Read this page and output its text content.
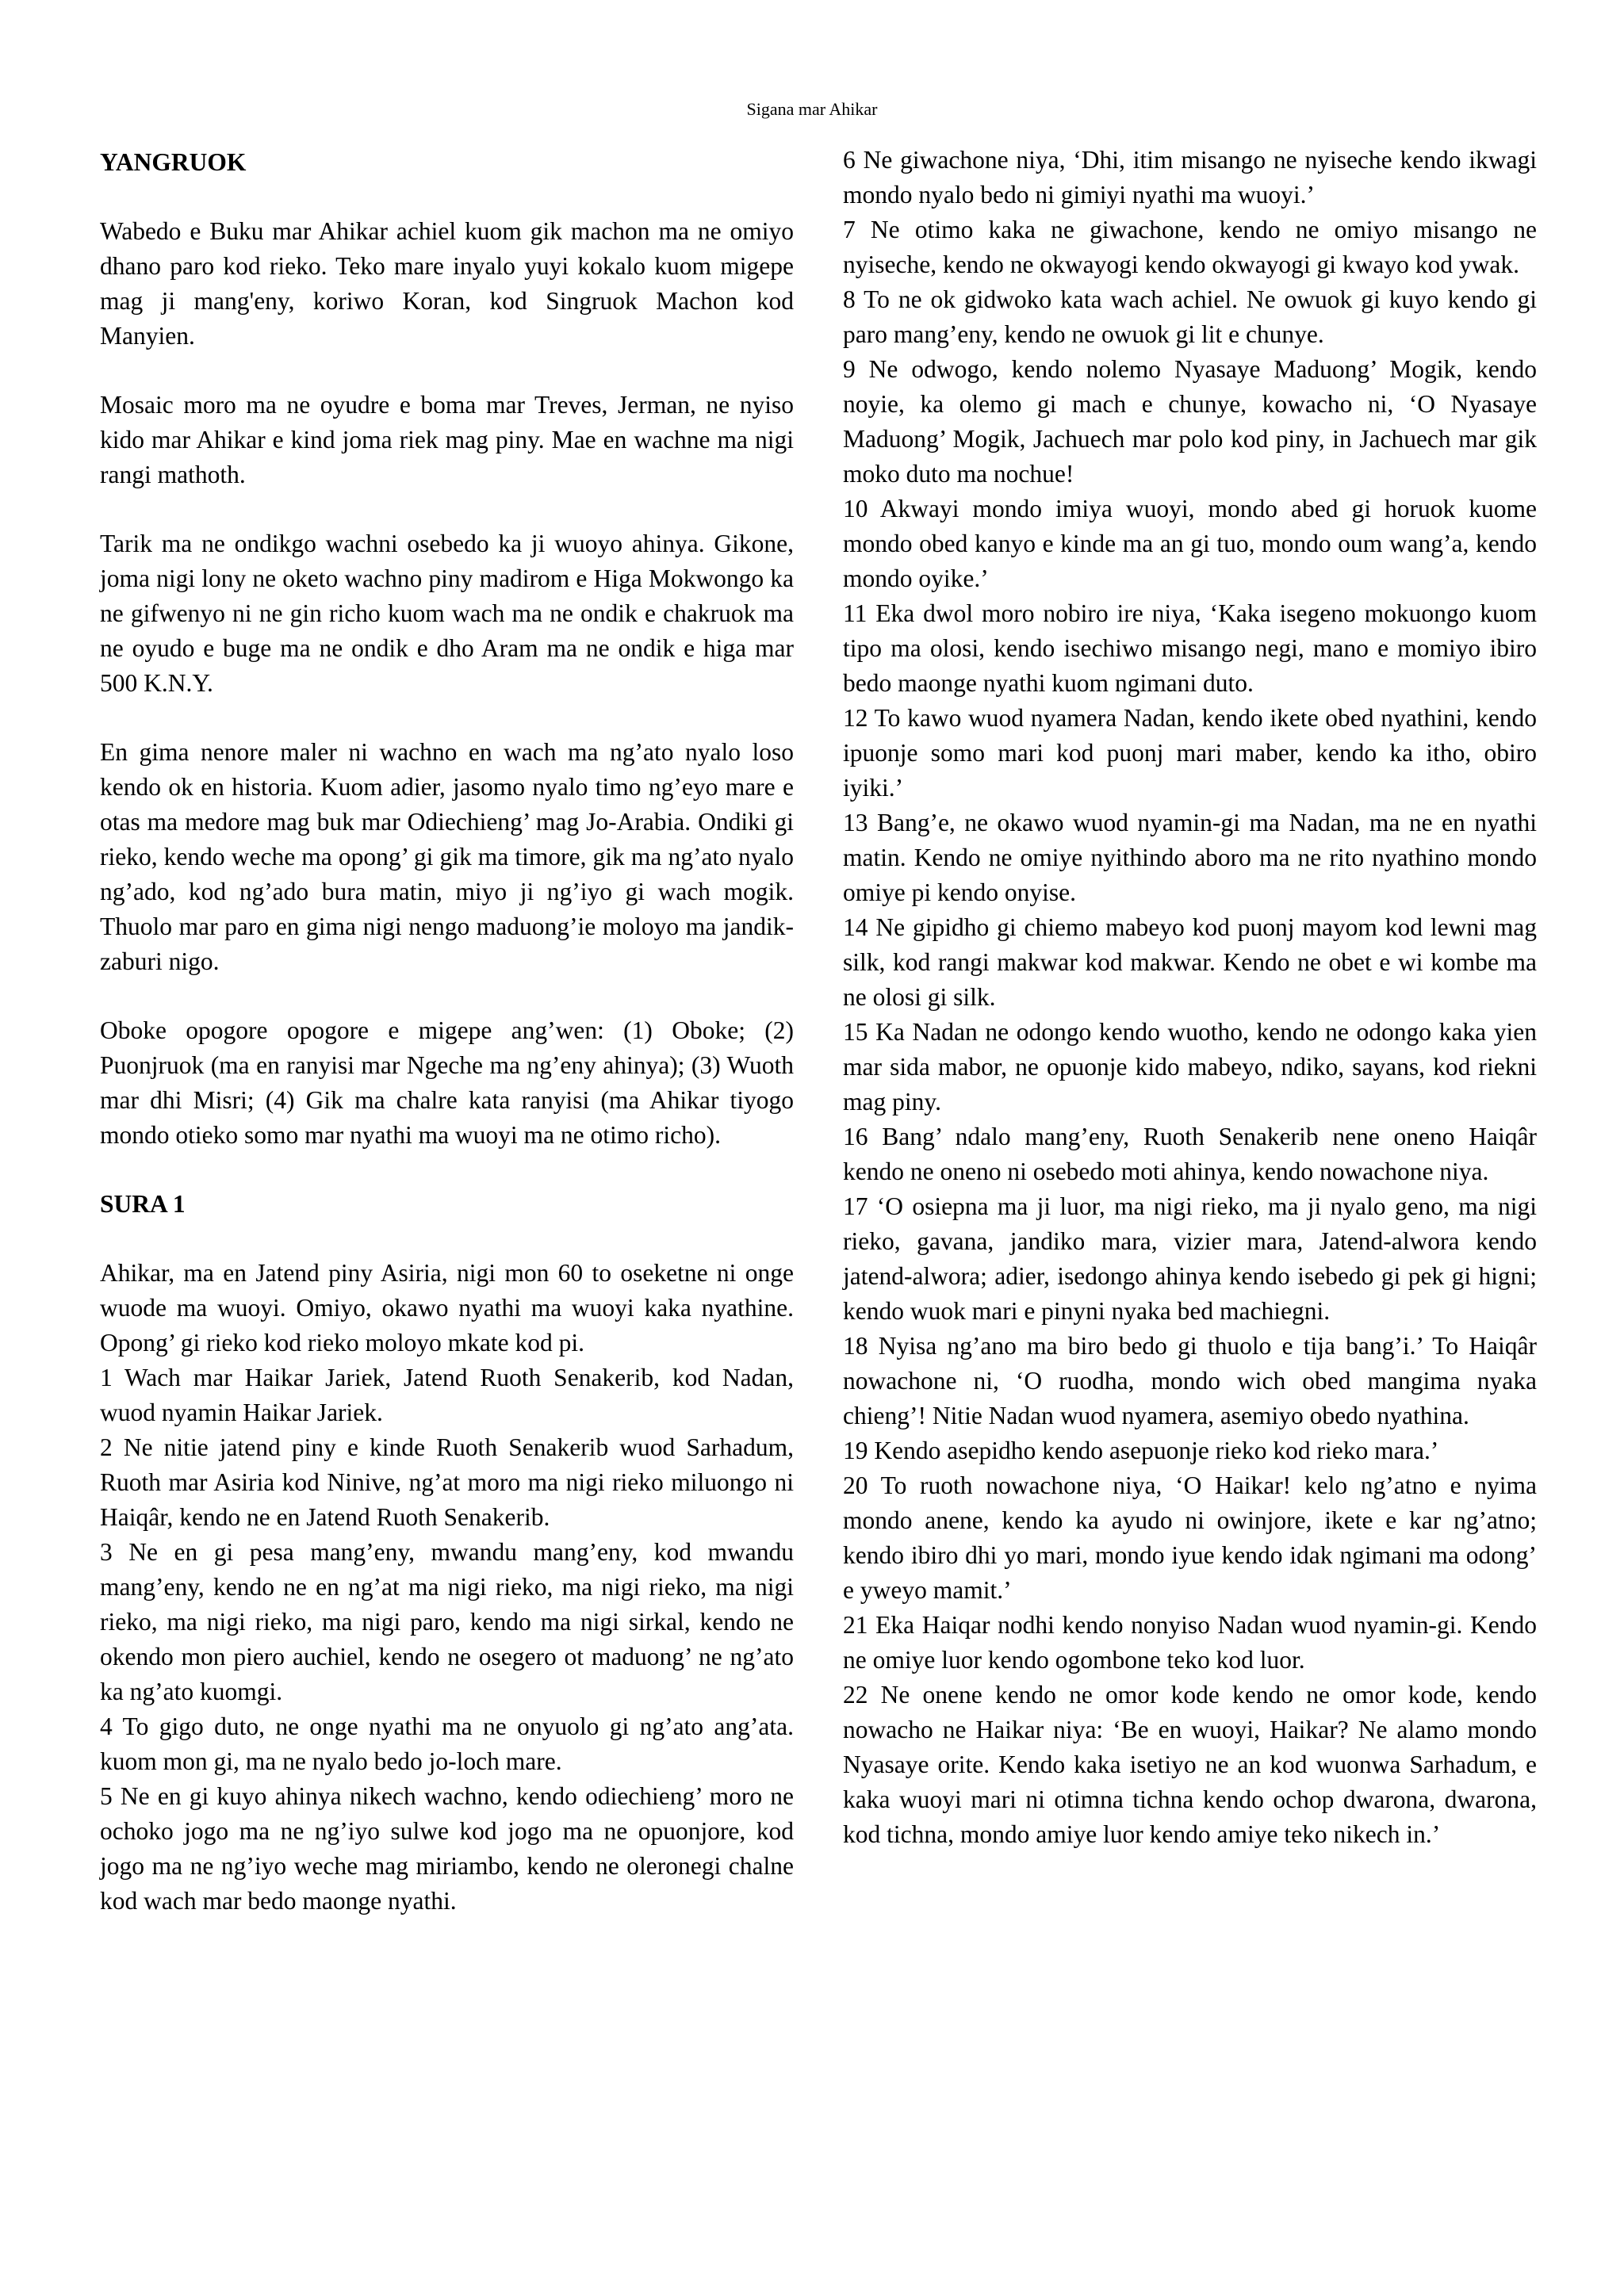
Sigana mar Ahikar
YANGRUOK

Wabedo e Buku mar Ahikar achiel kuom gik machon ma ne omiyo dhano paro kod rieko. Teko mare inyalo yuyi kokalo kuom migepe mag ji mang'eny, koriwo Koran, kod Singruok Machon kod Manyien.

Mosaic moro ma ne oyudre e boma mar Treves, Jerman, ne nyiso kido mar Ahikar e kind joma riek mag piny. Mae en wachne ma nigi rangi mathoth.

Tarik ma ne ondikgo wachni osebedo ka ji wuoyo ahinya. Gikone, joma nigi lony ne oketo wachno piny madirom e Higa Mokwongo ka ne gifwenyo ni ne gin richo kuom wach ma ne ondik e chakruok ma ne oyudo e buge ma ne ondik e dho Aram ma ne ondik e higa mar 500 K.N.Y.

En gima nenore maler ni wachno en wach ma ng’ato nyalo loso kendo ok en historia. Kuom adier, jasomo nyalo timo ng’eyo mare e otas ma medore mag buk mar Odiechieng’ mag Jo-Arabia. Ondiki gi rieko, kendo weche ma opong’ gi gik ma timore, gik ma ng’ato nyalo ng’ado, kod ng’ado bura matin, miyo ji ng’iyo gi wach mogik. Thuolo mar paro en gima nigi nengo maduong’ie moloyo ma jandik-zaburi nigo.

Oboke opogore opogore e migepe ang’wen: (1) Oboke; (2) Puonjruok (ma en ranyisi mar Ngeche ma ng’eny ahinya); (3) Wuoth mar dhi Misri; (4) Gik ma chalre kata ranyisi (ma Ahikar tiyogo mondo otieko somo mar nyathi ma wuoyi ma ne otimo richo).

SURA 1

Ahikar, ma en Jatend piny Asiria, nigi mon 60 to oseketne ni onge wuode ma wuoyi. Omiyo, okawo nyathi ma wuoyi kaka nyathine. Opong’ gi rieko kod rieko moloyo mkate kod pi.

1 Wach mar Haikar Jariek, Jatend Ruoth Senakerib, kod Nadan, wuod nyamin Haikar Jariek.

2 Ne nitie jatend piny e kinde Ruoth Senakerib wuod Sarhadum, Ruoth mar Asiria kod Ninive, ng’at moro ma nigi rieko miluongo ni Haiqâr, kendo ne en Jatend Ruoth Senakerib.

3 Ne en gi pesa mang’eny, mwandu mang’eny, kod mwandu mang’eny, kendo ne en ng’at ma nigi rieko, ma nigi rieko, ma nigi rieko, ma nigi rieko, ma nigi paro, kendo ma nigi sirkal, kendo ne okendo mon piero auchiel, kendo ne osegero ot maduong’ ne ng’ato ka ng’ato kuomgi.

4 To gigo duto, ne onge nyathi ma ne onyuolo gi ng’ato ang’ata. kuom mon gi, ma ne nyalo bedo jo-loch mare.

5 Ne en gi kuyo ahinya nikech wachno, kendo odiechieng’ moro ne ochoko jogo ma ne ng’iyo sulwe kod jogo ma ne opuonjore, kod jogo ma ne ng’iyo weche mag miriambo, kendo ne oleronegi chalne kod wach mar bedo maonge nyathi.

6 Ne giwachone niya, ‘Dhi, itim misango ne nyiseche kendo ikwagi mondo nyalo bedo ni gimiyi nyathi ma wuoyi.’

7 Ne otimo kaka ne giwachone, kendo ne omiyo misango ne nyiseche, kendo ne okwayogi kendo okwayogi gi kwayo kod ywak.

8 To ne ok gidwoko kata wach achiel. Ne owuok gi kuyo kendo gi paro mang’eny, kendo ne owuok gi lit e chunye.

9 Ne odwogo, kendo nolemo Nyasaye Maduong’ Mogik, kendo noyie, ka olemo gi mach e chunye, kowacho ni, ‘O Nyasaye Maduong’ Mogik, Jachuech mar polo kod piny, in Jachuech mar gik moko duto ma nochue!

10 Akwayi mondo imiya wuoyi, mondo abed gi horuok kuome mondo obed kanyo e kinde ma an gi tuo, mondo oum wang’a, kendo mondo oyike.’

11 Eka dwol moro nobiro ire niya, ‘Kaka isegeno mokuongo kuom tipo ma olosi, kendo isechiwo misango negi, mano e momiyo ibiro bedo maonge nyathi kuom ngimani duto.

12 To kawo wuod nyamera Nadan, kendo ikete obed nyathini, kendo ipuonje somo mari kod puonj mari maber, kendo ka itho, obiro iyiki.’

13 Bang’e, ne okawo wuod nyamin-gi ma Nadan, ma ne en nyathi matin. Kendo ne omiye nyithindo aboro ma ne rito nyathino mondo omiye pi kendo onyise.

14 Ne gipidho gi chiemo mabeyo kod puonj mayom kod lewni mag silk, kod rangi makwar kod makwar. Kendo ne obet e wi kombe ma ne olosi gi silk.

15 Ka Nadan ne odongo kendo wuotho, kendo ne odongo kaka yien mar sida mabor, ne opuonje kido mabeyo, ndiko, sayans, kod riekni mag piny.

16 Bang’ ndalo mang’eny, Ruoth Senakerib nene oneno Haiqâr kendo ne oneno ni osebedo moti ahinya, kendo nowachone niya.

17 ‘O osiepna ma ji luor, ma nigi rieko, ma ji nyalo geno, ma nigi rieko, gavana, jandiko mara, vizier mara, Jatend-alwora kendo jatend-alwora; adier, isedongo ahinya kendo isebedo gi pek gi higni; kendo wuok mari e pinyni nyaka bed machiegni.

18 Nyisa ng’ano ma biro bedo gi thuolo e tija bang’i.’ To Haiqâr nowachone ni, ‘O ruodha, mondo wich obed mangima nyaka chieng’! Nitie Nadan wuod nyamera, asemiyo obedo nyathina.

19 Kendo asepidho kendo asepuonje rieko kod rieko mara.’

20 To ruoth nowachone niya, ‘O Haikar! kelo ng’atno e nyima mondo anene, kendo ka ayudo ni owinjore, ikete e kar ng’atno; kendo ibiro dhi yo mari, mondo iyue kendo idak ngimani ma odong’ e yweyo mamit.’

21 Eka Haiqar nodhi kendo nonyiso Nadan wuod nyamin-gi. Kendo ne omiye luor kendo ogombone teko kod luor.

22 Ne onene kendo ne omor kode kendo ne omor kode, kendo nowacho ne Haikar niya: ‘Be en wuoyi, Haikar? Ne alamo mondo Nyasaye orite. Kendo kaka isetiyo ne an kod wuonwa Sarhadum, e kaka wuoyi mari ni otimna tichna kendo ochop dwarona, dwarona, kod tichna, mondo amiye luor kendo amiye teko nikech in.’
